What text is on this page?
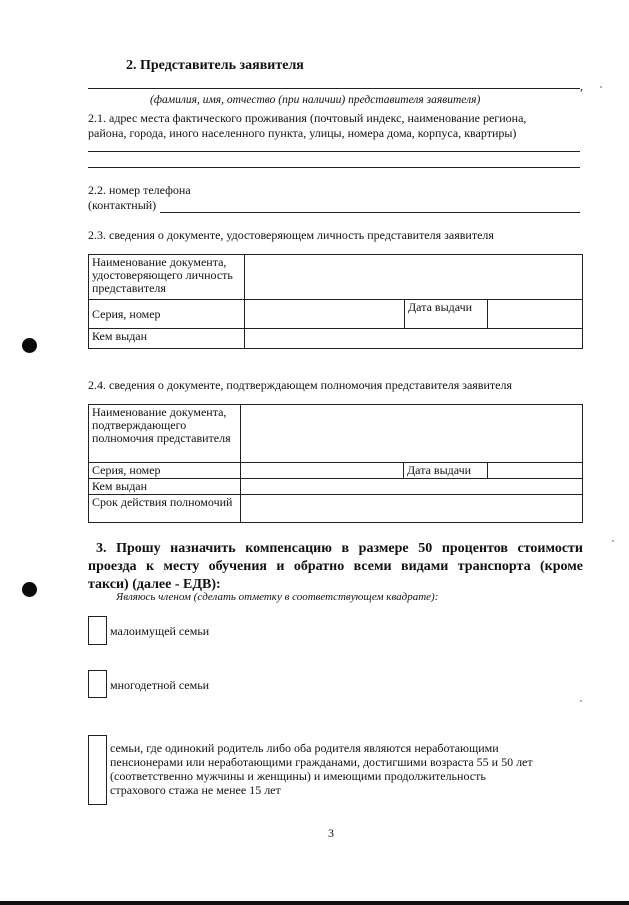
2. Представитель заявителя
,
(фамилия, имя, отчество (при наличии) представителя заявителя)
2.1. адрес места фактического проживания (почтовый индекс, наименование региона,
района, города, иного населенного пункта, улицы, номера дома, корпуса, квартиры)
2.2. номер телефона
(контактный)
2.3. сведения о документе, удостоверяющем личность представителя заявителя
Наименование документа, удостоверяющего личность представителя			
Серия, номер		Дата выдачи	
Кем выдан			
2.4. сведения о документе, подтверждающем полномочия представителя заявителя
Наименование документа, подтверждающего полномочия представителя			
Серия, номер		Дата выдачи	
Кем выдан			
Срок действия полномочий			
3. Прошу назначить компенсацию в размере 50 процентов стоимости
проезда к месту обучения и обратно всеми видами транспорта (кроме
такси) (далее - ЕДВ):
Являюсь членом (сделать отметку в соответствующем квадрате):
малоимущей семьи
многодетной семьи
семьи, где одинокий родитель либо оба родителя являются неработающими
пенсионерами или неработающими гражданами, достигшими возраста 55 и 50 лет
(соответственно мужчины и женщины) и имеющими продолжительность
страхового стажа не менее 15 лет
3
